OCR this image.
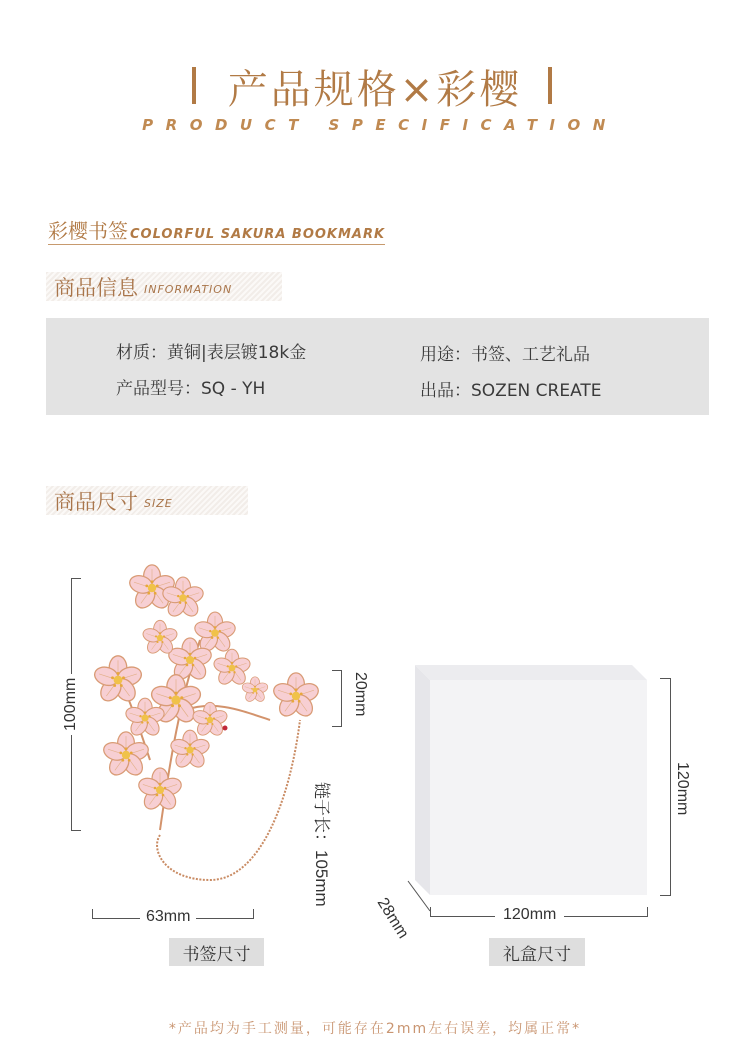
产品规格×彩樱
PRODUCT SPECIFICATION
彩樱书签 COLORFUL SAKURA BOOKMARK
商品信息 INFORMATION
材质：黄铜|表层镀18k金
产品型号：SQ - YH
用途：书签、工艺礼品
出品：SOZEN CREATE
商品尺寸 SIZE
100mm	20mm
链子长：105mm
63mm
书签尺寸
120mm
120mm
28mm
礼盒尺寸
*产品均为手工测量，可能存在2mm左右误差，均属正常*
